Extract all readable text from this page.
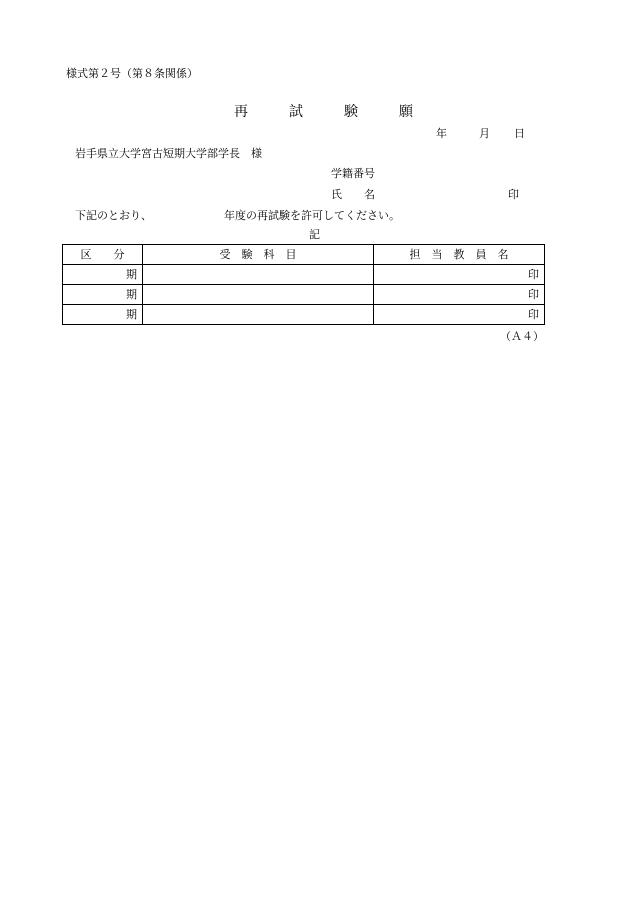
様式第２号（第８条関係）
再	試	験	願
年	月 日
岩手県立大学宮古短期大学部学長　様
学籍番号
氏　　名	印
下記のとおり、	年度の再試験を許可してください。
記
区　　分	受　験　科　目	担　当　教　員　名
期		印
期		印
期		印
（Ａ４）
